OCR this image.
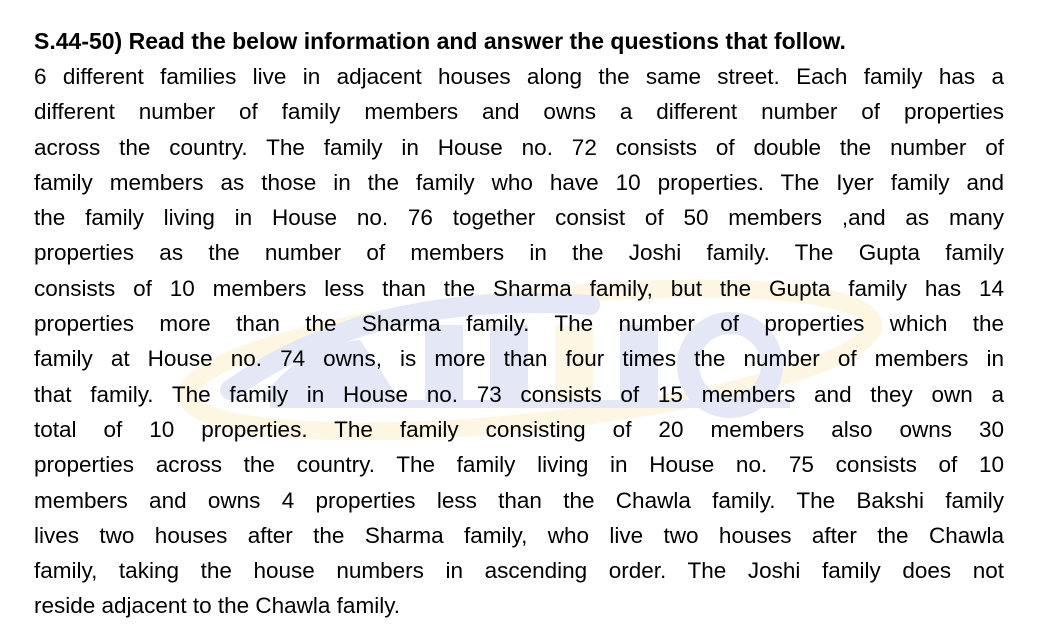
S.44-50) Read the below information and answer the questions that follow.

6 different families live in adjacent houses along the same street. Each family has a
different number of family members and owns a different number of properties
across the country. The family in House no. 72 consists of double the number of
family members as those in the family who have 10 properties. The Iyer family and
the family living in House no. 76 together consist of 50 members ,and as many
properties as the number of members in the Joshi family. The Gupta family
consists of 10 members less than the Sharma family, but the Gupta family has 14
properties more than the Sharma family. The number of properties which the
family at House no. 74 owns, is more than four times the number of members in
that family. The family in House no. 73 consists of 15 members and they own a
total of 10 properties. The family consisting of 20 members also owns 30
properties across the country. The family living in House no. 75 consists of 10
members and owns 4 properties less than the Chawla family. The Bakshi family
lives two houses after the Sharma family, who live two houses after the Chawla
family, taking the house numbers in ascending order. The Joshi family does not
reside adjacent to the Chawla family.
